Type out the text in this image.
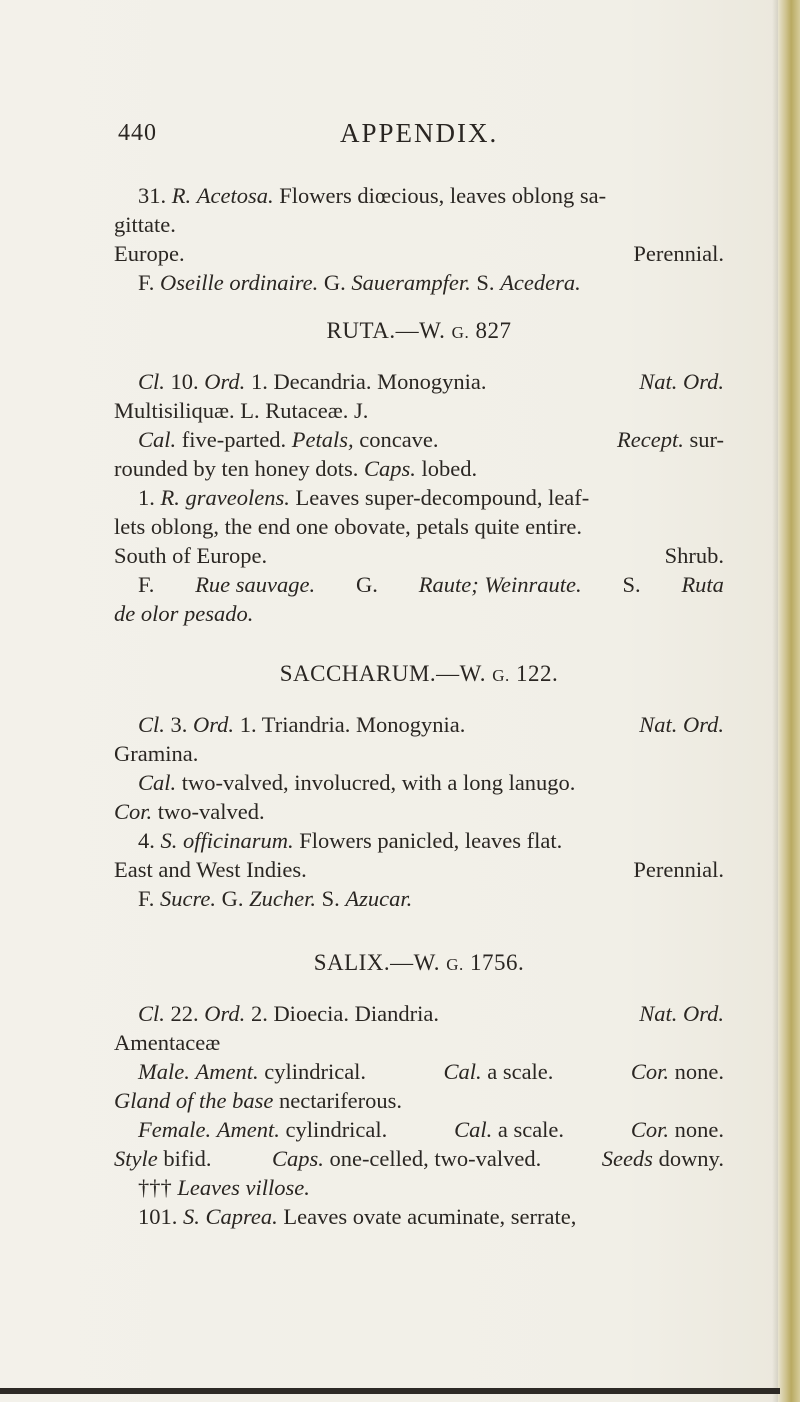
440	APPENDIX.
31. R. Acetosa. Flowers diœcious, leaves oblong sa-
gittate.
Europe.	Perennial.
F. Oseille ordinaire. G. Sauerampfer. S. Acedera.
RUTA.—W. G. 827
Cl. 10. Ord. 1. Decandria. Monogynia.	Nat. Ord.
Multisiliquæ. L. Rutaceæ. J.
Cal. five-parted. Petals, concave.	Recept. sur-
rounded by ten honey dots. Caps. lobed.
1. R. graveolens. Leaves super-decompound, leaf-
lets oblong, the end one obovate, petals quite entire.
South of Europe.	Shrub.
F. Rue sauvage. G. Raute; Weinraute. S. Ruta
de olor pesado.
SACCHARUM.—W. G. 122.
Cl. 3. Ord. 1. Triandria. Monogynia.	Nat. Ord.
Gramina.
Cal. two-valved, involucred, with a long lanugo.
Cor. two-valved.
4. S. officinarum. Flowers panicled, leaves flat.
East and West Indies.	Perennial.
F. Sucre. G. Zucher. S. Azucar.
SALIX.—W. G. 1756.
Cl. 22. Ord. 2. Dioecia. Diandria.	Nat. Ord.
Amentaceæ
Male. Ament. cylindrical.	Cal. a scale.	Cor. none.
Gland of the base nectariferous.
Female. Ament. cylindrical.	Cal. a scale.	Cor. none.
Style bifid.	Caps. one-celled, two-valved.	Seeds downy.
††† Leaves villose.
101. S. Caprea. Leaves ovate acuminate, serrate,
